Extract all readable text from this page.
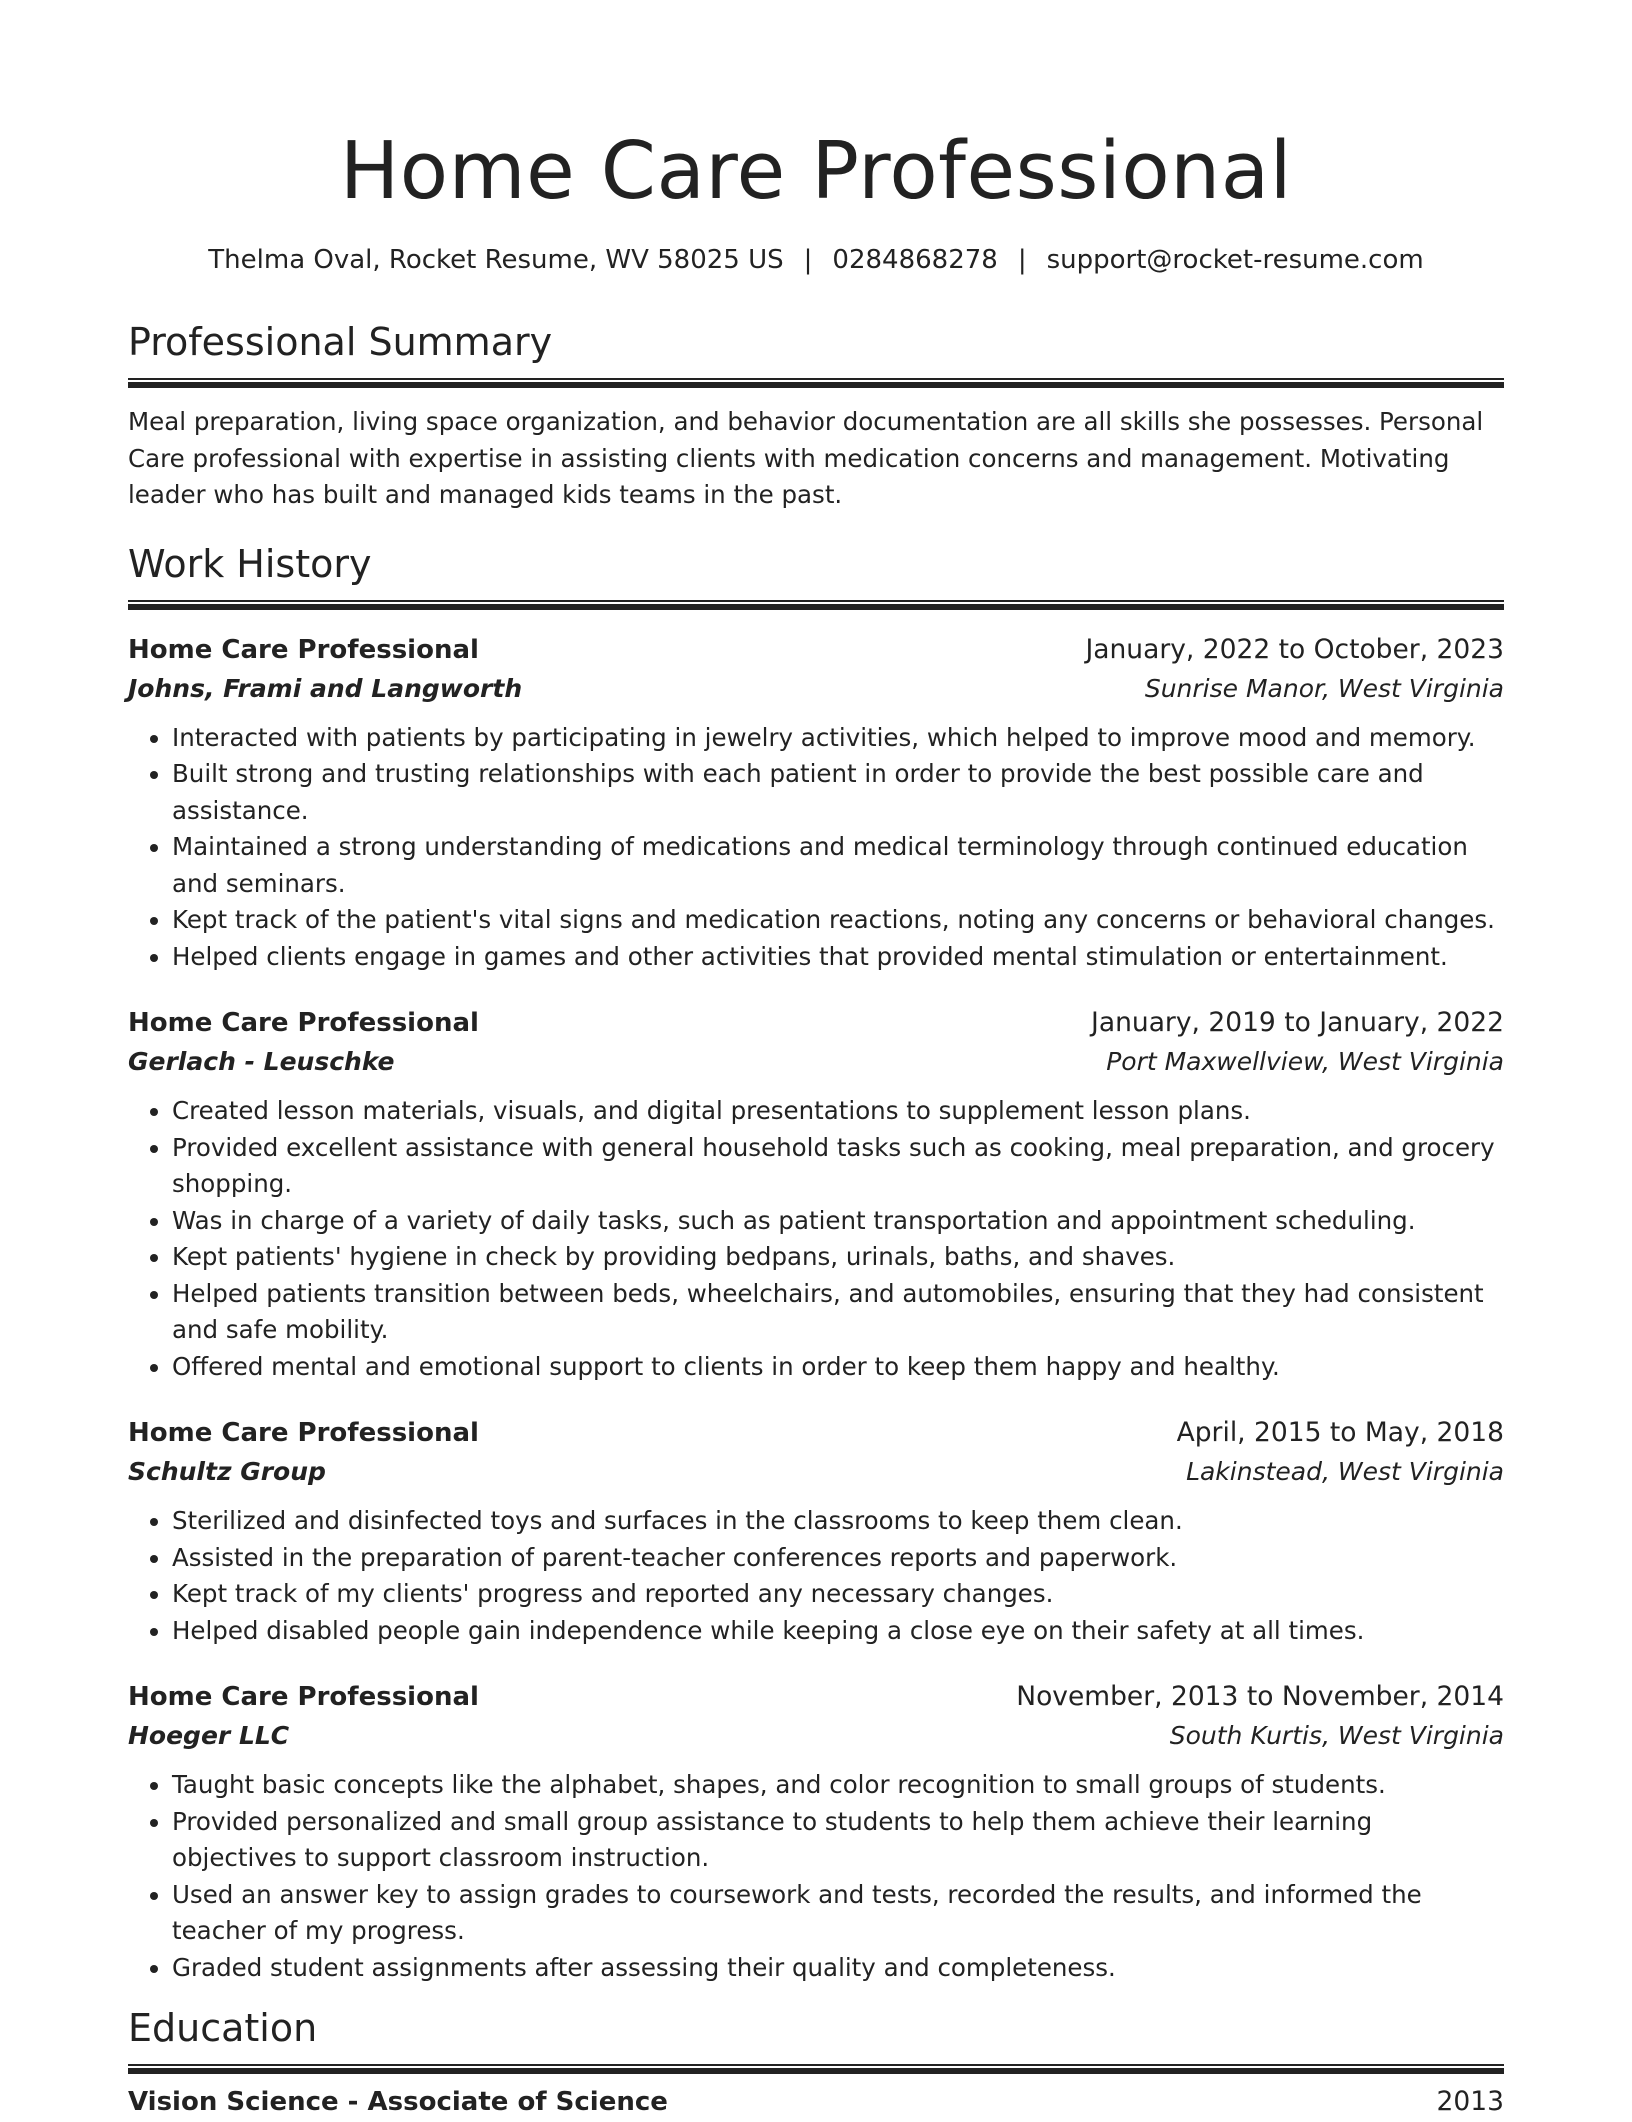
Home Care Professional
Thelma Oval, Rocket Resume, WV 58025 US | 0284868278 | support@rocket-resume.com
Professional Summary

Meal preparation, living space organization, and behavior documentation are all skills she possesses. Personal Care professional with expertise in assisting clients with medication concerns and management. Motivating leader who has built and managed kids teams in the past.

Work History
Home Care Professional	January, 2022 to October, 2023
Johns, Frami and Langworth	Sunrise Manor, West Virginia
• Interacted with patients by participating in jewelry activities, which helped to improve mood and memory.
• Built strong and trusting relationships with each patient in order to provide the best possible care and assistance.
• Maintained a strong understanding of medications and medical terminology through continued education and seminars.
• Kept track of the patient's vital signs and medication reactions, noting any concerns or behavioral changes.
• Helped clients engage in games and other activities that provided mental stimulation or entertainment.
Home Care Professional	January, 2019 to January, 2022
Gerlach - Leuschke	Port Maxwellview, West Virginia
• Created lesson materials, visuals, and digital presentations to supplement lesson plans.
• Provided excellent assistance with general household tasks such as cooking, meal preparation, and grocery shopping.
• Was in charge of a variety of daily tasks, such as patient transportation and appointment scheduling.
• Kept patients' hygiene in check by providing bedpans, urinals, baths, and shaves.
• Helped patients transition between beds, wheelchairs, and automobiles, ensuring that they had consistent and safe mobility.
• Offered mental and emotional support to clients in order to keep them happy and healthy.
Home Care Professional	April, 2015 to May, 2018
Schultz Group	Lakinstead, West Virginia
• Sterilized and disinfected toys and surfaces in the classrooms to keep them clean.
• Assisted in the preparation of parent-teacher conferences reports and paperwork.
• Kept track of my clients' progress and reported any necessary changes.
• Helped disabled people gain independence while keeping a close eye on their safety at all times.
Home Care Professional	November, 2013 to November, 2014
Hoeger LLC	South Kurtis, West Virginia
• Taught basic concepts like the alphabet, shapes, and color recognition to small groups of students.
• Provided personalized and small group assistance to students to help them achieve their learning objectives to support classroom instruction.
• Used an answer key to assign grades to coursework and tests, recorded the results, and informed the teacher of my progress.
• Graded student assignments after assessing their quality and completeness.
Education
Vision Science - Associate of Science	2013
